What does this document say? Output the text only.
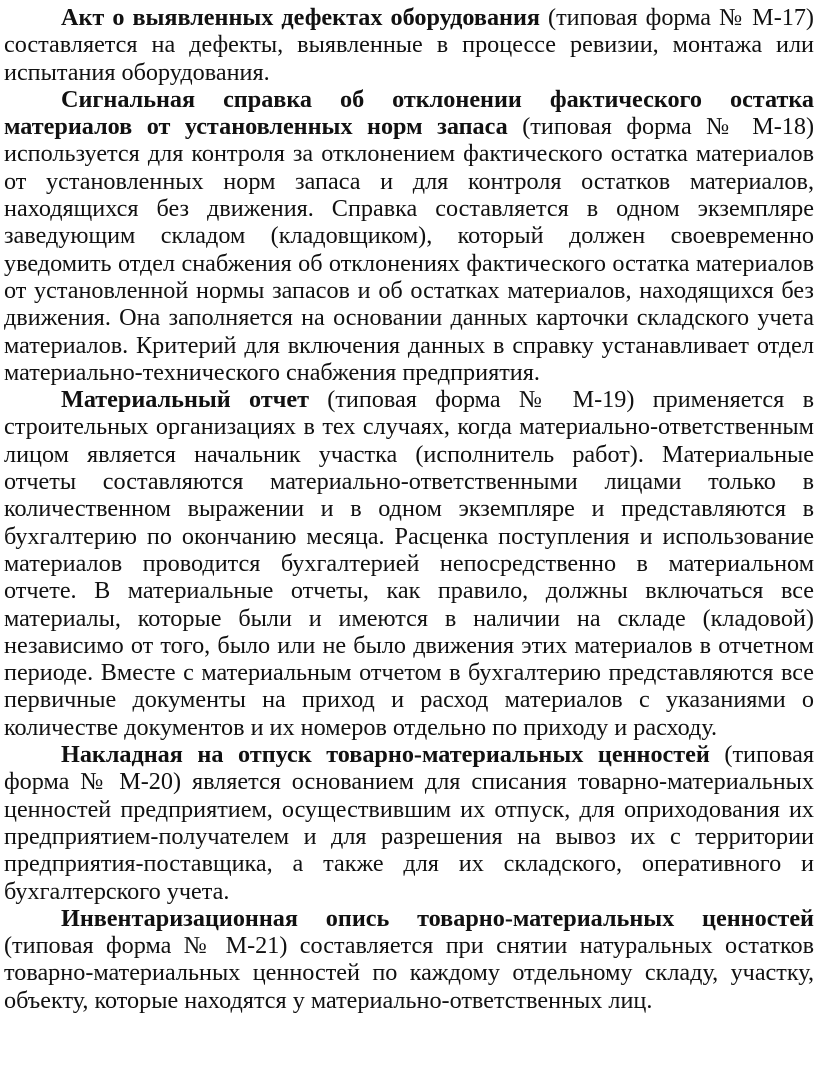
Акт о выявленных дефектах оборудования (типовая форма № М-17) составляется на дефекты, выявленные в процессе ревизии, монтажа или испытания оборудования.

Сигнальная справка об отклонении фактического остатка материалов от установленных норм запаса (типовая форма № М-18) используется для контроля за отклонением фактического остатка материалов от установленных норм запаса и для контроля остатков материалов, находящихся без движения. Справка составляется в одном экземпляре заведующим складом (кладовщиком), который должен своевременно уведомить отдел снабжения об отклонениях фактического остатка материалов от установленной нормы запасов и об остатках материалов, находящихся без движения. Она заполняется на основании данных карточки складского учета материалов. Критерий для включения данных в справку устанавливает отдел материально-технического снабжения предприятия.

Материальный отчет (типовая форма № М-19) применяется в строительных организациях в тех случаях, когда материально-ответственным лицом является начальник участка (исполнитель работ). Материальные отчеты составляются материально-ответственными лицами только в количественном выражении и в одном экземпляре и представляются в бухгалтерию по окончанию месяца. Расценка поступления и использование материалов проводится бухгалтерией непосредственно в материальном отчете. В материальные отчеты, как правило, должны включаться все материалы, которые были и имеются в наличии на складе (кладовой) независимо от того, было или не было движения этих материалов в отчетном периоде. Вместе с материальным отчетом в бухгалтерию представляются все первичные документы на приход и расход материалов с указаниями о количестве документов и их номеров отдельно по приходу и расходу.

Накладная на отпуск товарно-материальных ценностей (типовая форма № М-20) является основанием для списания товарно-материальных ценностей предприятием, осуществившим их отпуск, для оприходования их предприятием-получателем и для разрешения на вывоз их с территории предприятия-поставщика, а также для их складского, оперативного и бухгалтерского учета.

Инвентаризационная опись товарно-материальных ценностей (типовая форма № М-21) составляется при снятии натуральных остатков товарно-материальных ценностей по каждому отдельному складу, участку, объекту, которые находятся у материально-ответственных лиц.
